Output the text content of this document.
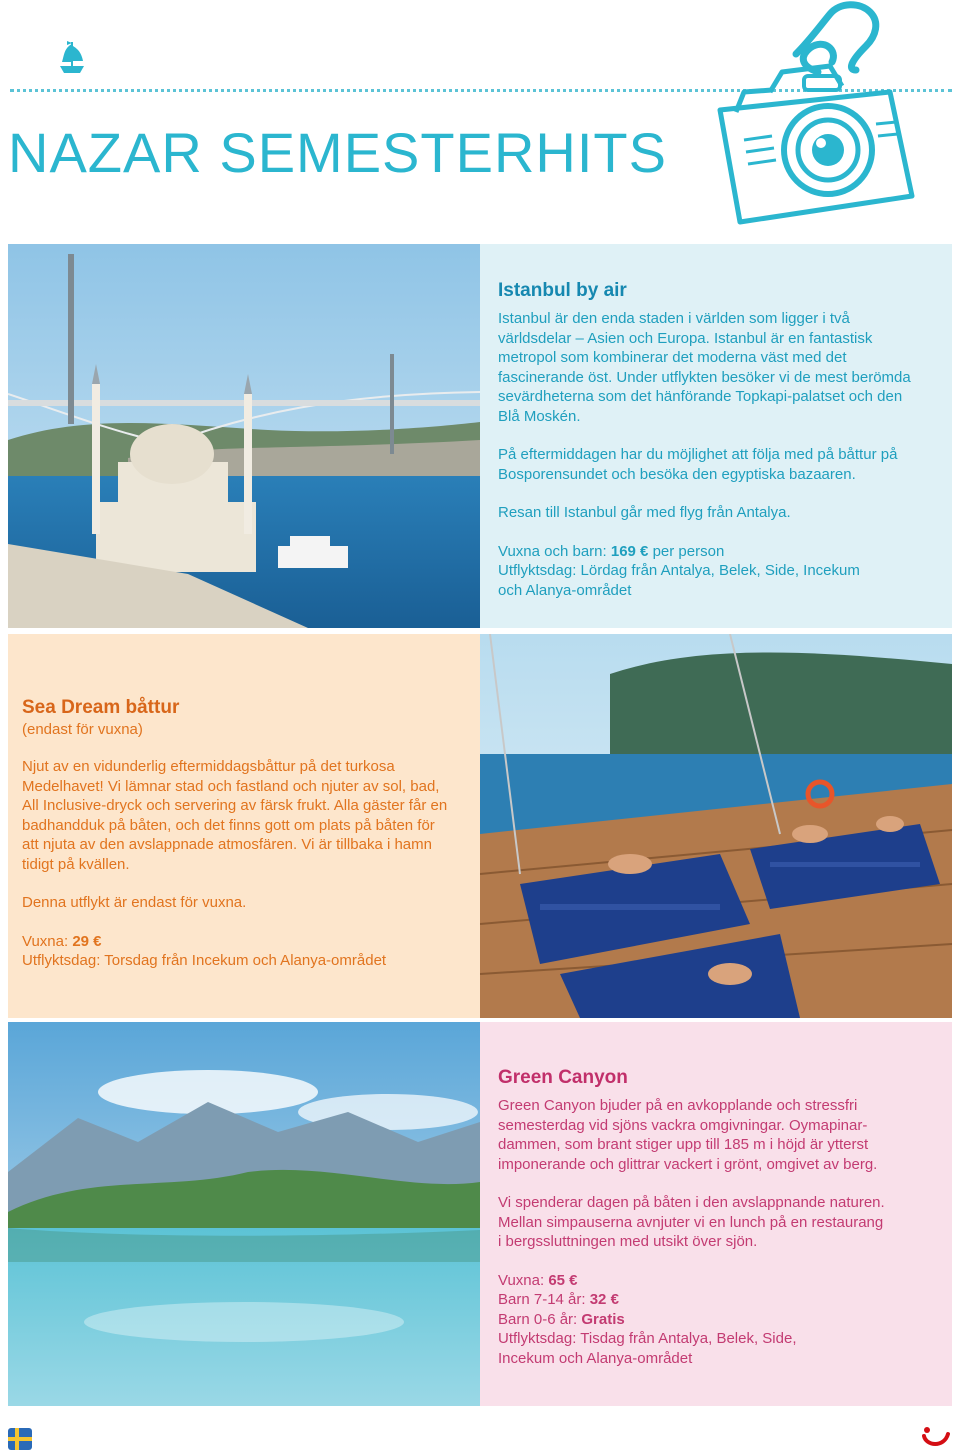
NAZAR SEMESTERHITS
Istanbul by air
Istanbul är den enda staden i världen som ligger i två
världsdelar – Asien och Europa. Istanbul är en fantastisk
metropol som kombinerar det moderna väst med det
fascinerande öst. Under utflykten besöker vi de mest berömda
sevärdheterna som det hänförande Topkapi-palatset och den
Blå Moskén.
På eftermiddagen har du möjlighet att följa med på båttur på
Bosporensundet och besöka den egyptiska bazaaren.
Resan till Istanbul går med flyg från Antalya.
Vuxna och barn: 169 € per person
Utflyktsdag: Lördag från Antalya, Belek, Side, Incekum
och Alanya-området
Sea Dream båttur
(endast för vuxna)
Njut av en vidunderlig eftermiddagsbåttur på det turkosa
Medelhavet! Vi lämnar stad och fastland och njuter av sol, bad,
All Inclusive-dryck och servering av färsk frukt. Alla gäster får en
badhandduk på båten, och det finns gott om plats på båten för
att njuta av den avslappnade atmosfären. Vi är tillbaka i hamn
tidigt på kvällen.
Denna utflykt är endast för vuxna.
Vuxna: 29 €
Utflyktsdag: Torsdag från Incekum och Alanya-området
Green Canyon
Green Canyon bjuder på en avkopplande och stressfri
semesterdag vid sjöns vackra omgivningar. Oymapinar-
dammen, som brant stiger upp till 185 m i höjd är ytterst
imponerande och glittrar vackert i grönt, omgivet av berg.
Vi spenderar dagen på båten i den avslappnande naturen.
Mellan simpauserna avnjuter vi en lunch på en restaurang
i bergssluttningen med utsikt över sjön.
Vuxna: 65 €
Barn 7-14 år: 32 €
Barn 0-6 år: Gratis
Utflyktsdag: Tisdag från Antalya, Belek, Side,
Incekum och Alanya-området
